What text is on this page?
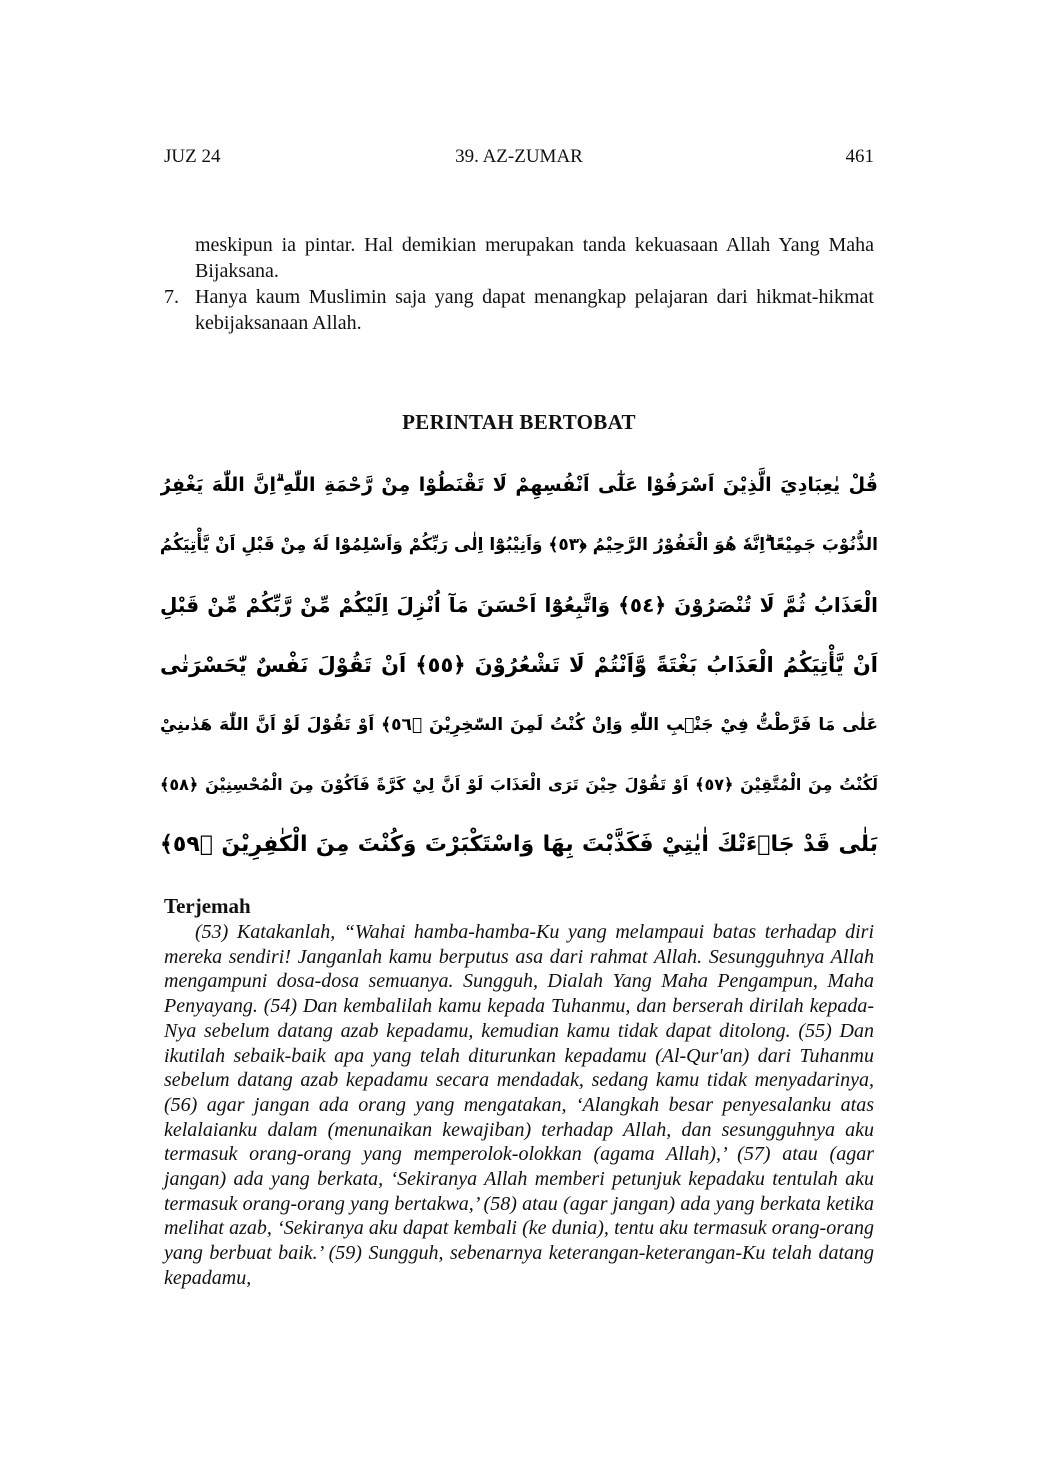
JUZ 24	39. AZ-ZUMAR	461
meskipun ia pintar. Hal demikian merupakan tanda kekuasaan Allah Yang Maha Bijaksana.
7. Hanya kaum Muslimin saja yang dapat menangkap pelajaran dari hikmat-hikmat kebijaksanaan Allah.
PERINTAH BERTOBAT
قُلْ يٰعِبَادِيَ الَّذِيْنَ اَسْرَفُوْا عَلٰٓى اَنْفُسِهِمْ لَا تَقْنَطُوْا مِنْ رَّحْمَةِ اللّٰهِ ۗاِنَّ اللّٰهَ يَغْفِرُ
الذُّنُوْبَ جَمِيْعًا ۗاِنَّهٗ هُوَ الْغَفُوْرُ الرَّحِيْمُ ﴿٥٣﴾ وَاَنِيْبُوْٓا اِلٰى رَبِّكُمْ وَاَسْلِمُوْا لَهٗ مِنْ قَبْلِ اَنْ يَّأْتِيَكُمُ
الْعَذَابُ ثُمَّ لَا تُنْصَرُوْنَ ﴿٥٤﴾ وَاتَّبِعُوْٓا اَحْسَنَ مَآ اُنْزِلَ اِلَيْكُمْ مِّنْ رَّبِّكُمْ مِّنْ قَبْلِ
اَنْ يَّأْتِيَكُمُ الْعَذَابُ بَغْتَةً وَّاَنْتُمْ لَا تَشْعُرُوْنَ ﴿٥٥﴾ اَنْ تَقُوْلَ نَفْسٌ يّٰحَسْرَتٰى
عَلٰى مَا فَرَّطْتُّ فِيْ جَنْۢبِ اللّٰهِ وَاِنْ كُنْتُ لَمِنَ السّٰخِرِيْنَ ﴿٥٦﴾ اَوْ تَقُوْلَ لَوْ اَنَّ اللّٰهَ هَدٰىنِيْ
لَكُنْتُ مِنَ الْمُتَّقِيْنَ ﴿٥٧﴾ اَوْ تَقُوْلَ حِيْنَ تَرَى الْعَذَابَ لَوْ اَنَّ لِيْ كَرَّةً فَاَكُوْنَ مِنَ الْمُحْسِنِيْنَ ﴿٥٨﴾
بَلٰى قَدْ جَاۤءَتْكَ اٰيٰتِيْ فَكَذَّبْتَ بِهَا وَاسْتَكْبَرْتَ وَكُنْتَ مِنَ الْكٰفِرِيْنَ ﴿٥٩﴾
Terjemah
(53) Katakanlah, “Wahai hamba-hamba-Ku yang melampaui batas terhadap diri mereka sendiri! Janganlah kamu berputus asa dari rahmat Allah. Sesungguhnya Allah mengampuni dosa-dosa semuanya. Sungguh, Dialah Yang Maha Pengampun, Maha Penyayang. (54) Dan kembalilah kamu kepada Tuhanmu, dan berserah dirilah kepada-Nya sebelum datang azab kepadamu, kemudian kamu tidak dapat ditolong. (55) Dan ikutilah sebaik-baik apa yang telah diturunkan kepadamu (Al-Qur'an) dari Tuhanmu sebelum datang azab kepadamu secara mendadak, sedang kamu tidak menyadarinya, (56) agar jangan ada orang yang mengatakan, ‘Alangkah besar penyesalanku atas kelalaianku dalam (menunaikan kewajiban) terhadap Allah, dan sesungguhnya aku termasuk orang-orang yang memperolok-olokkan (agama Allah),’ (57) atau (agar jangan) ada yang berkata, ‘Sekiranya Allah memberi petunjuk kepadaku tentulah aku termasuk orang-orang yang bertakwa,’ (58) atau (agar jangan) ada yang berkata ketika melihat azab, ‘Sekiranya aku dapat kembali (ke dunia), tentu aku termasuk orang-orang yang berbuat baik.’ (59) Sungguh, sebenarnya keterangan-keterangan-Ku telah datang kepadamu,
